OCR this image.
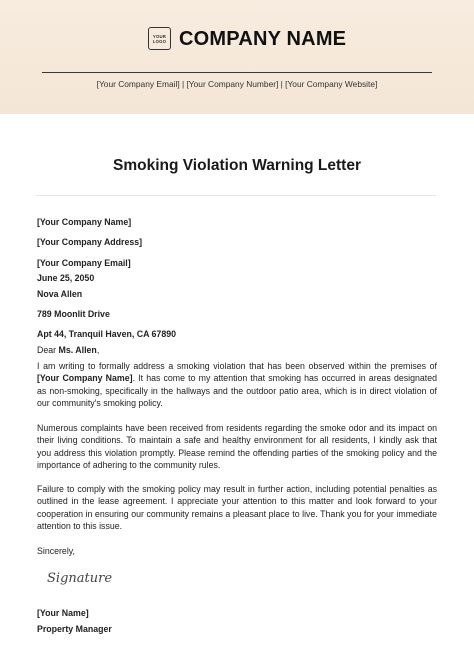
YOUR
LOGO COMPANY NAME
[Your Company Email] | [Your Company Number] | [Your Company Website]
Smoking Violation Warning Letter
[Your Company Name]
[Your Company Address]
[Your Company Email]
June 25, 2050
Nova Allen
789 Moonlit Drive
Apt 44, Tranquil Haven, CA 67890
Dear Ms. Allen,
I am writing to formally address a smoking violation that has been observed within the premises of [Your Company Name]. It has come to my attention that smoking has occurred in areas designated as non-smoking, specifically in the hallways and the outdoor patio area, which is in direct violation of our community's smoking policy.
Numerous complaints have been received from residents regarding the smoke odor and its impact on their living conditions. To maintain a safe and healthy environment for all residents, I kindly ask that you address this violation promptly. Please remind the offending parties of the smoking policy and the importance of adhering to the community rules.
Failure to comply with the smoking policy may result in further action, including potential penalties as outlined in the lease agreement. I appreciate your attention to this matter and look forward to your cooperation in ensuring our community remains a pleasant place to live. Thank you for your immediate attention to this issue.
Sincerely,
Signature
[Your Name]
Property Manager
